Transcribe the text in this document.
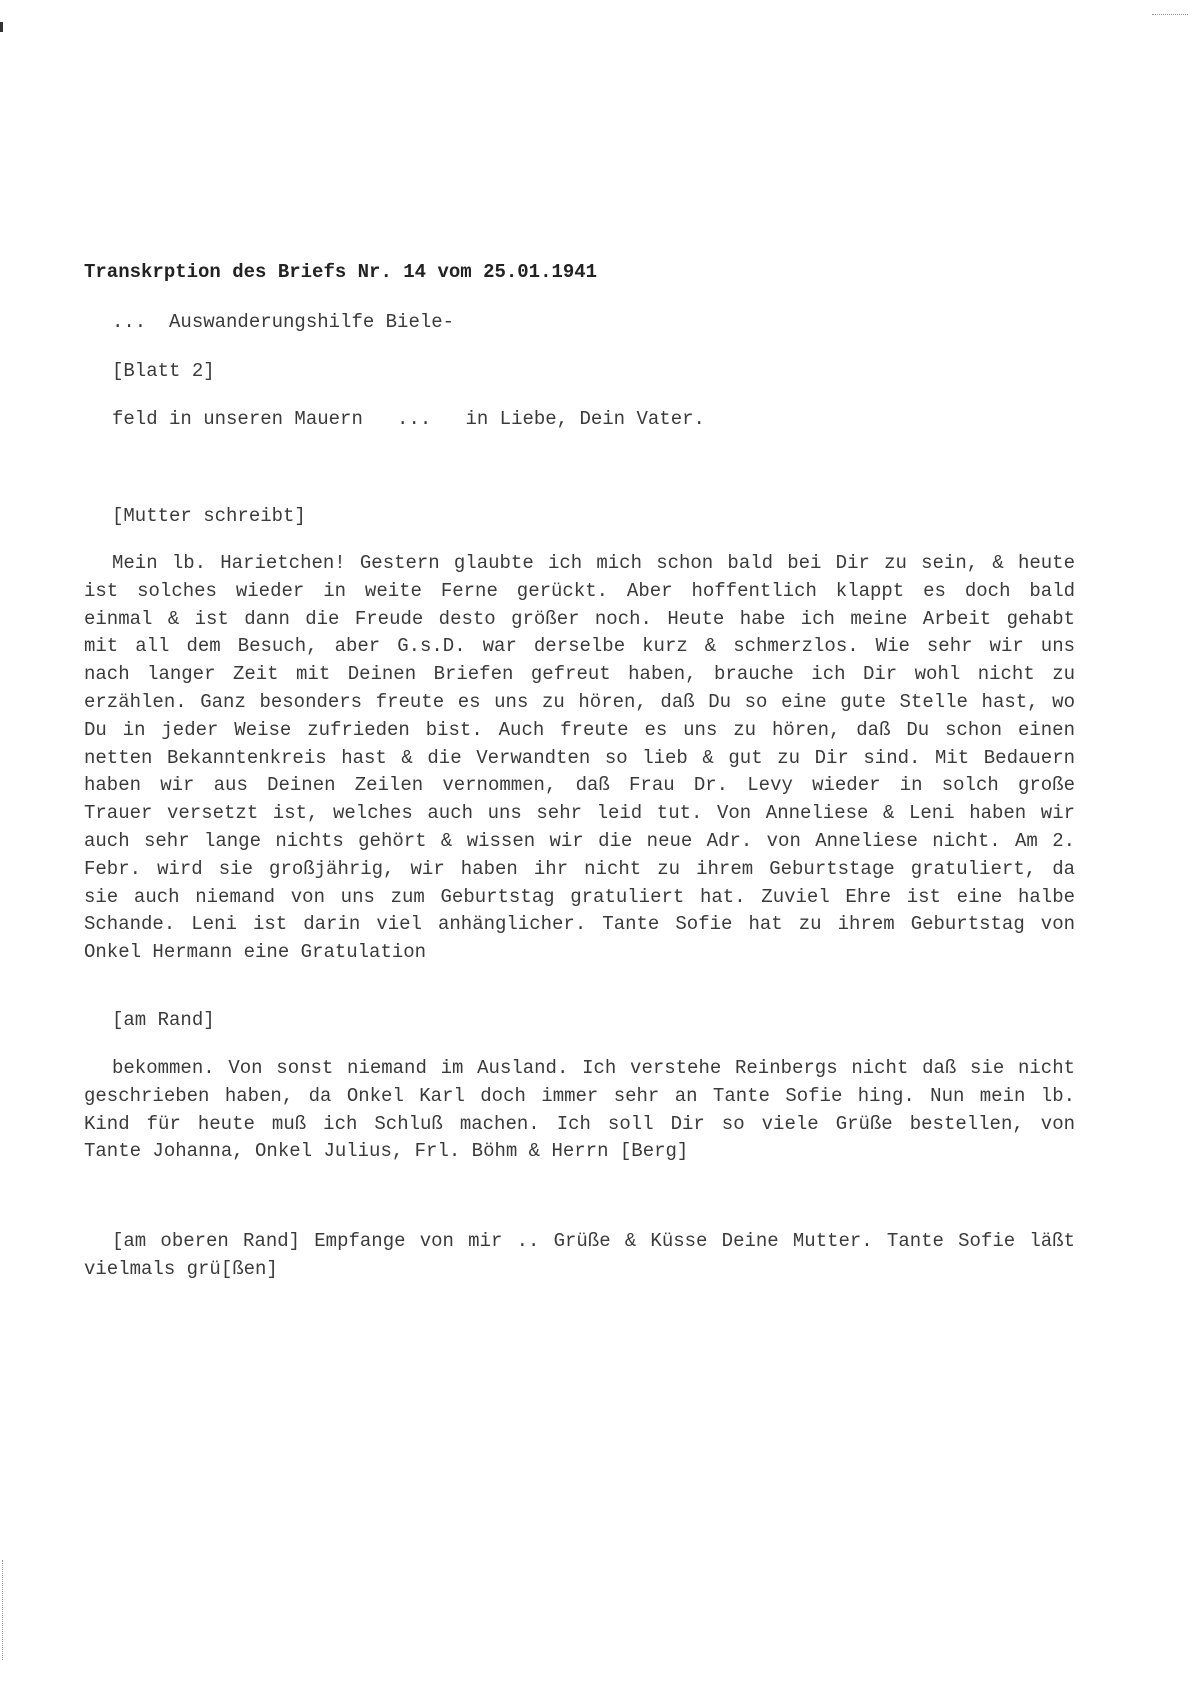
Transkrption des Briefs Nr. 14 vom 25.01.1941
...  Auswanderungshilfe Biele-
[Blatt 2]
feld in unseren Mauern   ...   in Liebe, Dein Vater.
[Mutter schreibt]
Mein lb. Harietchen! Gestern glaubte ich mich schon bald bei Dir zu sein, & heute
ist solches wieder in weite Ferne gerückt. Aber hoffentlich klappt es doch bald
einmal & ist dann die Freude desto größer noch. Heute habe ich meine Arbeit gehabt
mit all dem Besuch, aber G.s.D. war derselbe kurz & schmerzlos. Wie sehr wir uns
nach langer Zeit mit Deinen Briefen gefreut haben, brauche ich Dir wohl nicht zu
erzählen. Ganz besonders freute es uns zu hören, daß Du so eine gute Stelle hast, wo
Du in jeder Weise zufrieden bist. Auch freute es uns zu hören, daß Du schon einen
netten Bekanntenkreis hast & die Verwandten so lieb & gut zu Dir sind. Mit Bedauern
haben wir aus Deinen Zeilen vernommen, daß Frau Dr. Levy wieder in solch große
Trauer versetzt ist, welches auch uns sehr leid tut. Von Anneliese & Leni haben wir
auch sehr lange nichts gehört & wissen wir die neue Adr. von Anneliese nicht. Am 2.
Febr. wird sie großjährig, wir haben ihr nicht zu ihrem Geburtstage gratuliert, da
sie auch niemand von uns zum Geburtstag gratuliert hat. Zuviel Ehre ist eine halbe
Schande. Leni ist darin viel anhänglicher. Tante Sofie hat zu ihrem Geburtstag von
Onkel Hermann eine Gratulation
[am Rand]
bekommen. Von sonst niemand im Ausland. Ich verstehe Reinbergs nicht daß sie nicht
geschrieben haben, da Onkel Karl doch immer sehr an Tante Sofie hing. Nun mein lb.
Kind für heute muß ich Schluß machen. Ich soll Dir so viele Grüße bestellen, von
Tante Johanna, Onkel Julius, Frl. Böhm & Herrn [Berg]
[am oberen Rand] Empfange von mir .. Grüße & Küsse Deine Mutter. Tante Sofie läßt
vielmals grü[ßen]
